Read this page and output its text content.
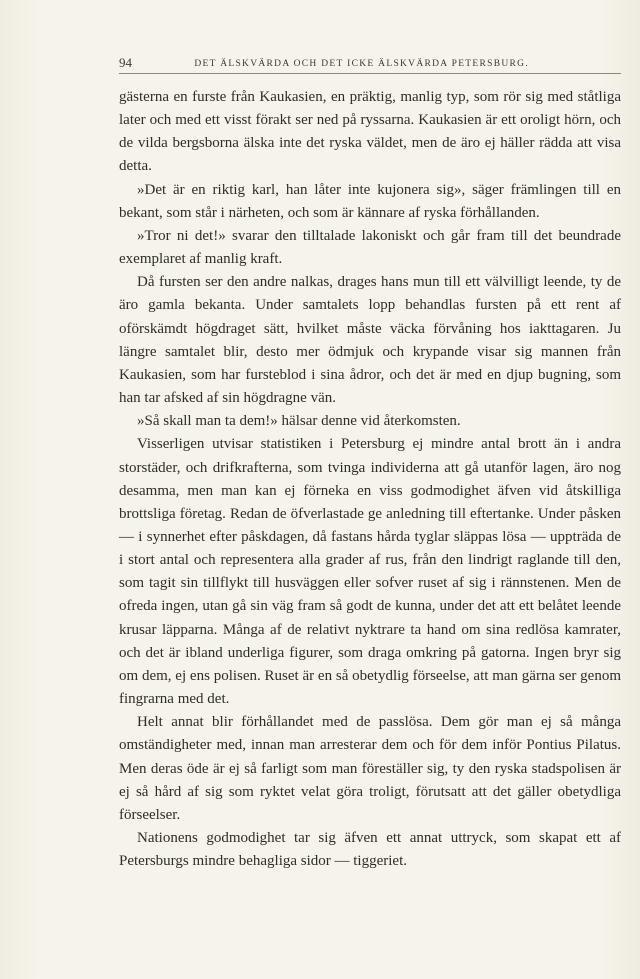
94	DET ÄLSKVÄRDA OCH DET ICKE ÄLSKVÄRDA PETERSBURG.

gästerna en furste från Kaukasien, en präktig, manlig typ, som rör sig med ståtliga later och med ett visst förakt ser ned på ryssarna. Kaukasien är ett oroligt hörn, och de vilda bergsborna älska inte det ryska väldet, men de äro ej häller rädda att visa detta.

»Det är en riktig karl, han låter inte kujonera sig», säger främlingen till en bekant, som står i närheten, och som är kännare af ryska förhållanden.

»Tror ni det!» svarar den tilltalade lakoniskt och går fram till det beundrade exemplaret af manlig kraft.

Då fursten ser den andre nalkas, drages hans mun till ett välvilligt leende, ty de äro gamla bekanta. Under samtalets lopp behandlas fursten på ett rent af oförskämdt högdraget sätt, hvilket måste väcka förvåning hos iakttagaren. Ju längre samtalet blir, desto mer ödmjuk och krypande visar sig mannen från Kaukasien, som har fursteblod i sina ådror, och det är med en djup bugning, som han tar afsked af sin högdragne vän.

»Så skall man ta dem!» hälsar denne vid återkomsten.

Visserligen utvisar statistiken i Petersburg ej mindre antal brott än i andra storstäder, och drifkrafterna, som tvinga individerna att gå utanför lagen, äro nog desamma, men man kan ej förneka en viss godmodighet äfven vid åtskilliga brottsliga företag. Redan de öfverlastade ge anledning till eftertanke. Under påsken — i synnerhet efter påskdagen, då fastans hårda tyglar släppas lösa — uppträda de i stort antal och representera alla grader af rus, från den lindrigt raglande till den, som tagit sin tillflykt till husväggen eller sofver ruset af sig i rännstenen. Men de ofreda ingen, utan gå sin väg fram så godt de kunna, under det att ett belåtet leende krusar läpparna. Många af de relativt nyktrare ta hand om sina redlösa kamrater, och det är ibland underliga figurer, som draga omkring på gatorna. Ingen bryr sig om dem, ej ens polisen. Ruset är en så obetydlig förseelse, att man gärna ser genom fingrarna med det.

Helt annat blir förhållandet med de passlösa. Dem gör man ej så många omständigheter med, innan man arresterar dem och för dem inför Pontius Pilatus. Men deras öde är ej så farligt som man föreställer sig, ty den ryska stadspolisen är ej så hård af sig som ryktet velat göra troligt, förutsatt att det gäller obetydliga förseelser.

Nationens godmodighet tar sig äfven ett annat uttryck, som skapat ett af Petersburgs mindre behagliga sidor — tiggeriet.
